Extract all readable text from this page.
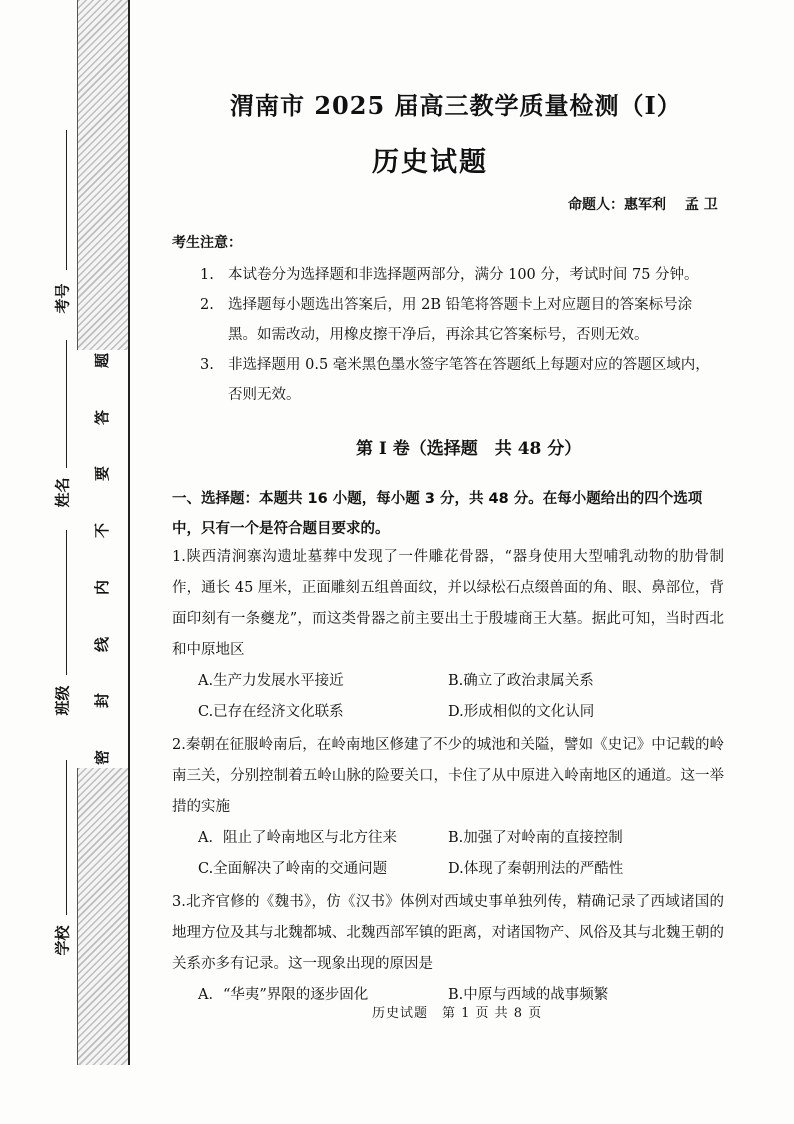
题
答
要
不
内
线
封
密
考号
姓名
班级
学校
渭南市 2025 届高三教学质量检测（Ⅰ）
历史试题
命题人：惠军利　 孟 卫
考生注意：
1. 本试卷分为选择题和非选择题两部分，满分 100 分，考试时间 75 分钟。
2. 选择题每小题选出答案后，用 2B 铅笔将答题卡上对应题目的答案标号涂黑。如需改动，用橡皮擦干净后，再涂其它答案标号，否则无效。
3. 非选择题用 0.5 毫米黑色墨水签字笔答在答题纸上每题对应的答题区域内，否则无效。
第 I 卷（选择题　共 48 分）
一、选择题：本题共 16 小题，每小题 3 分，共 48 分。在每小题给出的四个选项中，只有一个是符合题目要求的。
1.陕西清涧寨沟遗址墓葬中发现了一件雕花骨器，“器身使用大型哺乳动物的肋骨制作，通长 45 厘米，正面雕刻五组兽面纹，并以绿松石点缀兽面的角、眼、鼻部位，背面印刻有一条夔龙”，而这类骨器之前主要出土于殷墟商王大墓。据此可知，当时西北和中原地区
A.生产力发展水平接近	B.确立了政治隶属关系
C.已存在经济文化联系	D.形成相似的文化认同
2.秦朝在征服岭南后，在岭南地区修建了不少的城池和关隘，譬如《史记》中记载的岭南三关，分别控制着五岭山脉的险要关口，卡住了从中原进入岭南地区的通道。这一举措的实施
A．阻止了岭南地区与北方往来	B.加强了对岭南的直接控制
C.全面解决了岭南的交通问题	D.体现了秦朝刑法的严酷性
3.北齐官修的《魏书》，仿《汉书》体例对西域史事单独列传，精确记录了西域诸国的地理方位及其与北魏都城、北魏西部军镇的距离，对诸国物产、风俗及其与北魏王朝的关系亦多有记录。这一现象出现的原因是
A．“华夷”界限的逐步固化	B.中原与西域的战事频繁
历史试题　第 1 页 共 8 页
